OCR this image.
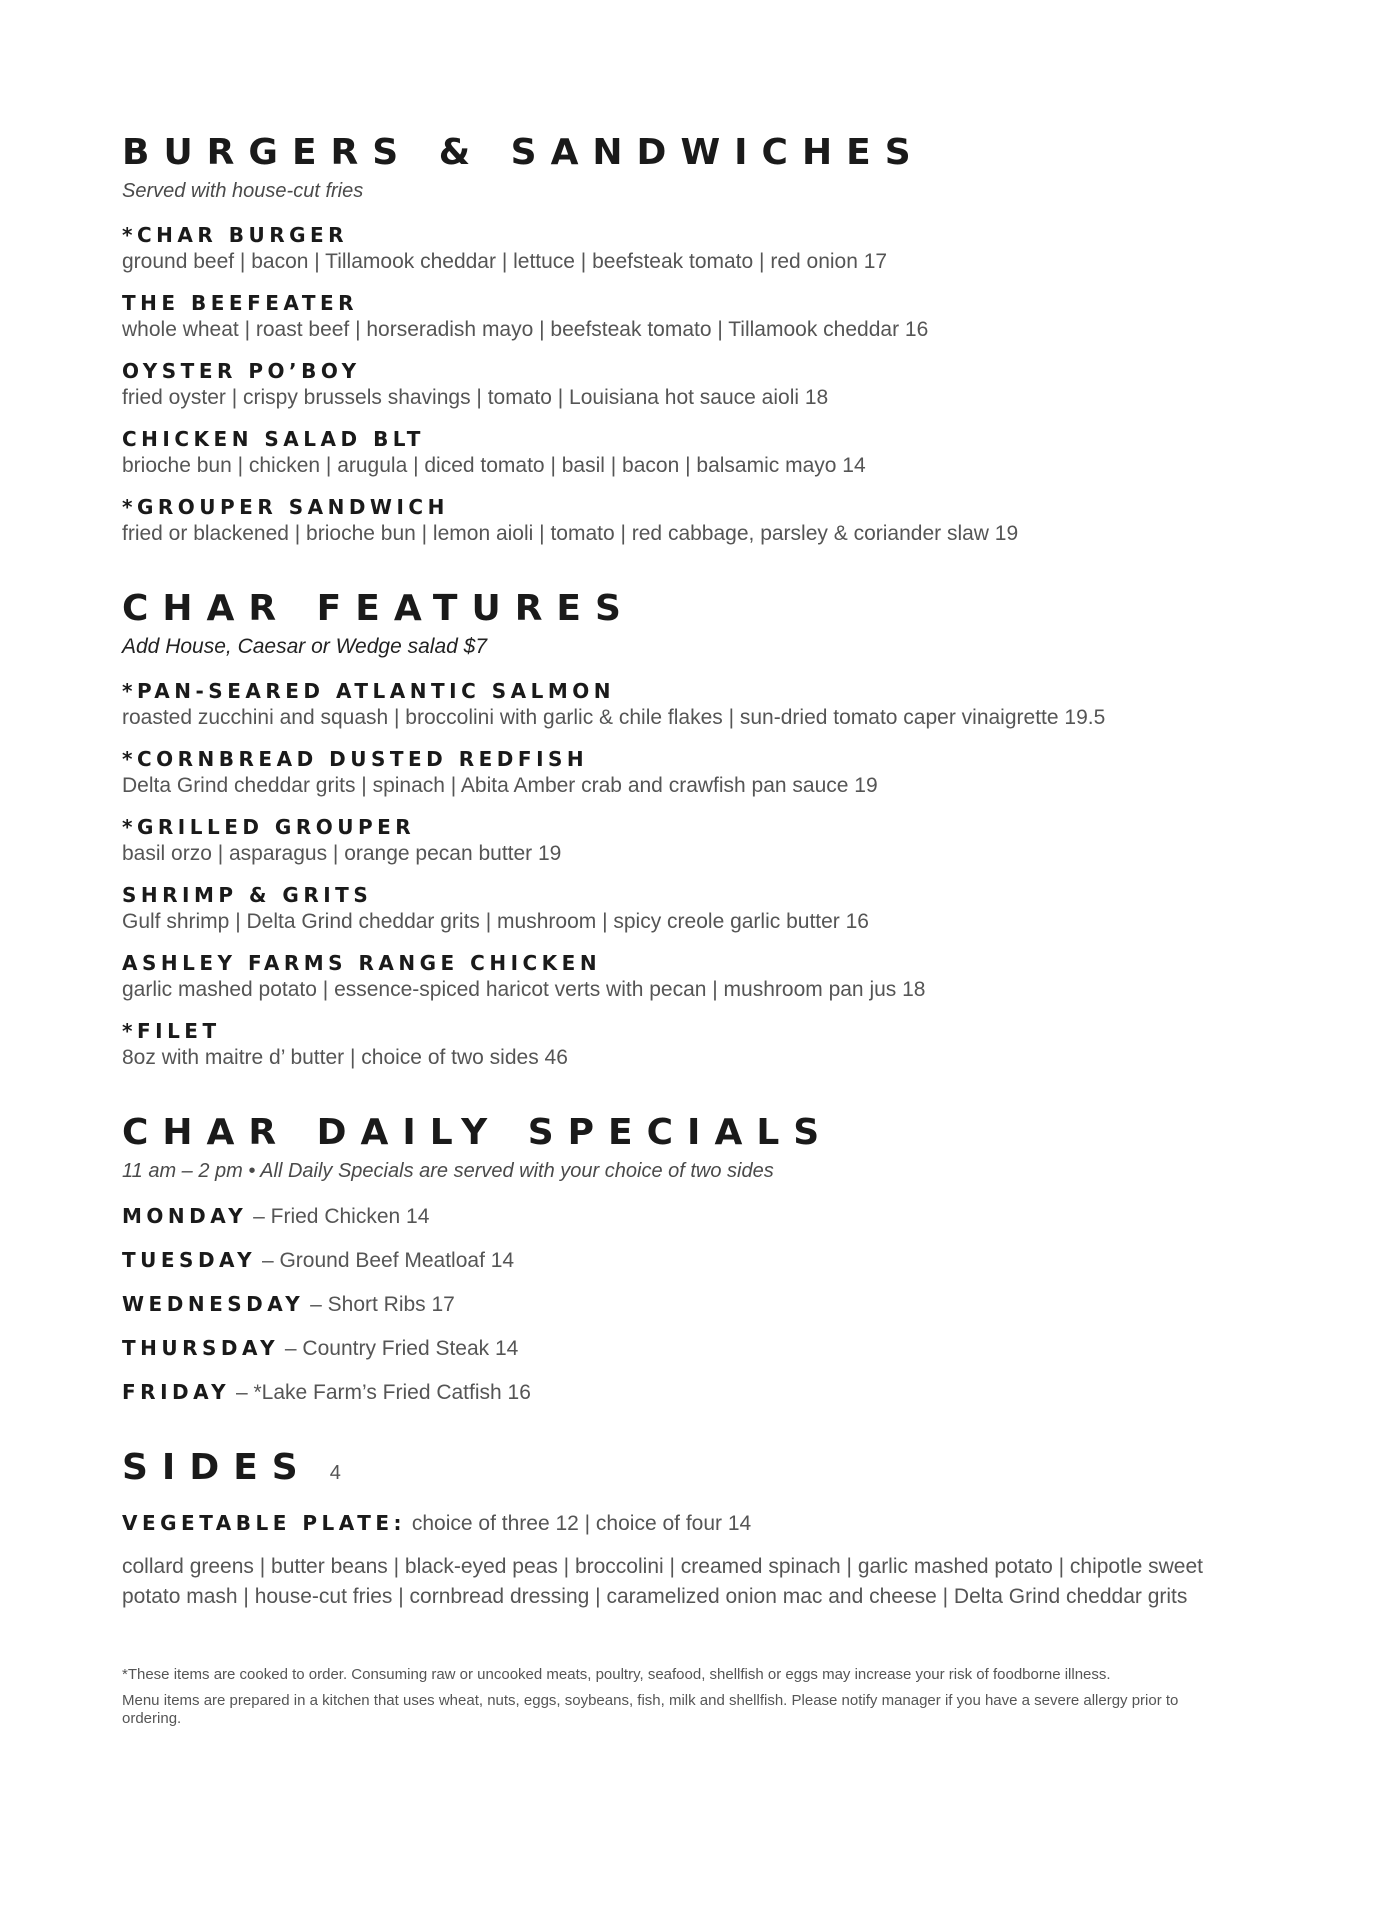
BURGERS & SANDWICHES
Served with house-cut fries
*CHAR BURGER
ground beef | bacon | Tillamook cheddar | lettuce | beefsteak tomato | red onion 17
THE BEEFEATER
whole wheat | roast beef | horseradish mayo | beefsteak tomato | Tillamook cheddar 16
OYSTER PO’BOY
fried oyster | crispy brussels shavings | tomato | Louisiana hot sauce aioli 18
CHICKEN SALAD BLT
brioche bun | chicken | arugula | diced tomato | basil | bacon | balsamic mayo 14
*GROUPER SANDWICH
fried or blackened | brioche bun | lemon aioli | tomato | red cabbage, parsley & coriander slaw 19
CHAR FEATURES
Add House, Caesar or Wedge salad $7
*PAN-SEARED ATLANTIC SALMON
roasted zucchini and squash | broccolini with garlic & chile flakes | sun-dried tomato caper vinaigrette 19.5
*CORNBREAD DUSTED REDFISH
Delta Grind cheddar grits | spinach | Abita Amber crab and crawfish pan sauce 19
*GRILLED GROUPER
basil orzo | asparagus | orange pecan butter 19
SHRIMP & GRITS
Gulf shrimp | Delta Grind cheddar grits | mushroom | spicy creole garlic butter 16
ASHLEY FARMS RANGE CHICKEN
garlic mashed potato | essence-spiced haricot verts with pecan | mushroom pan jus 18
*FILET
8oz with maitre d’ butter | choice of two sides 46
CHAR DAILY SPECIALS
11 am – 2 pm • All Daily Specials are served with your choice of two sides
MONDAY – Fried Chicken 14
TUESDAY – Ground Beef Meatloaf 14
WEDNESDAY – Short Ribs 17
THURSDAY – Country Fried Steak 14
FRIDAY – *Lake Farm’s Fried Catfish 16
SIDES 4
VEGETABLE PLATE: choice of three 12 | choice of four 14
collard greens | butter beans | black-eyed peas | broccolini | creamed spinach | garlic mashed potato | chipotle sweet potato mash | house-cut fries | cornbread dressing | caramelized onion mac and cheese | Delta Grind cheddar grits

*These items are cooked to order. Consuming raw or uncooked meats, poultry, seafood, shellfish or eggs may increase your risk of foodborne illness.

Menu items are prepared in a kitchen that uses wheat, nuts, eggs, soybeans, fish, milk and shellfish. Please notify manager if you have a severe allergy prior to ordering.
